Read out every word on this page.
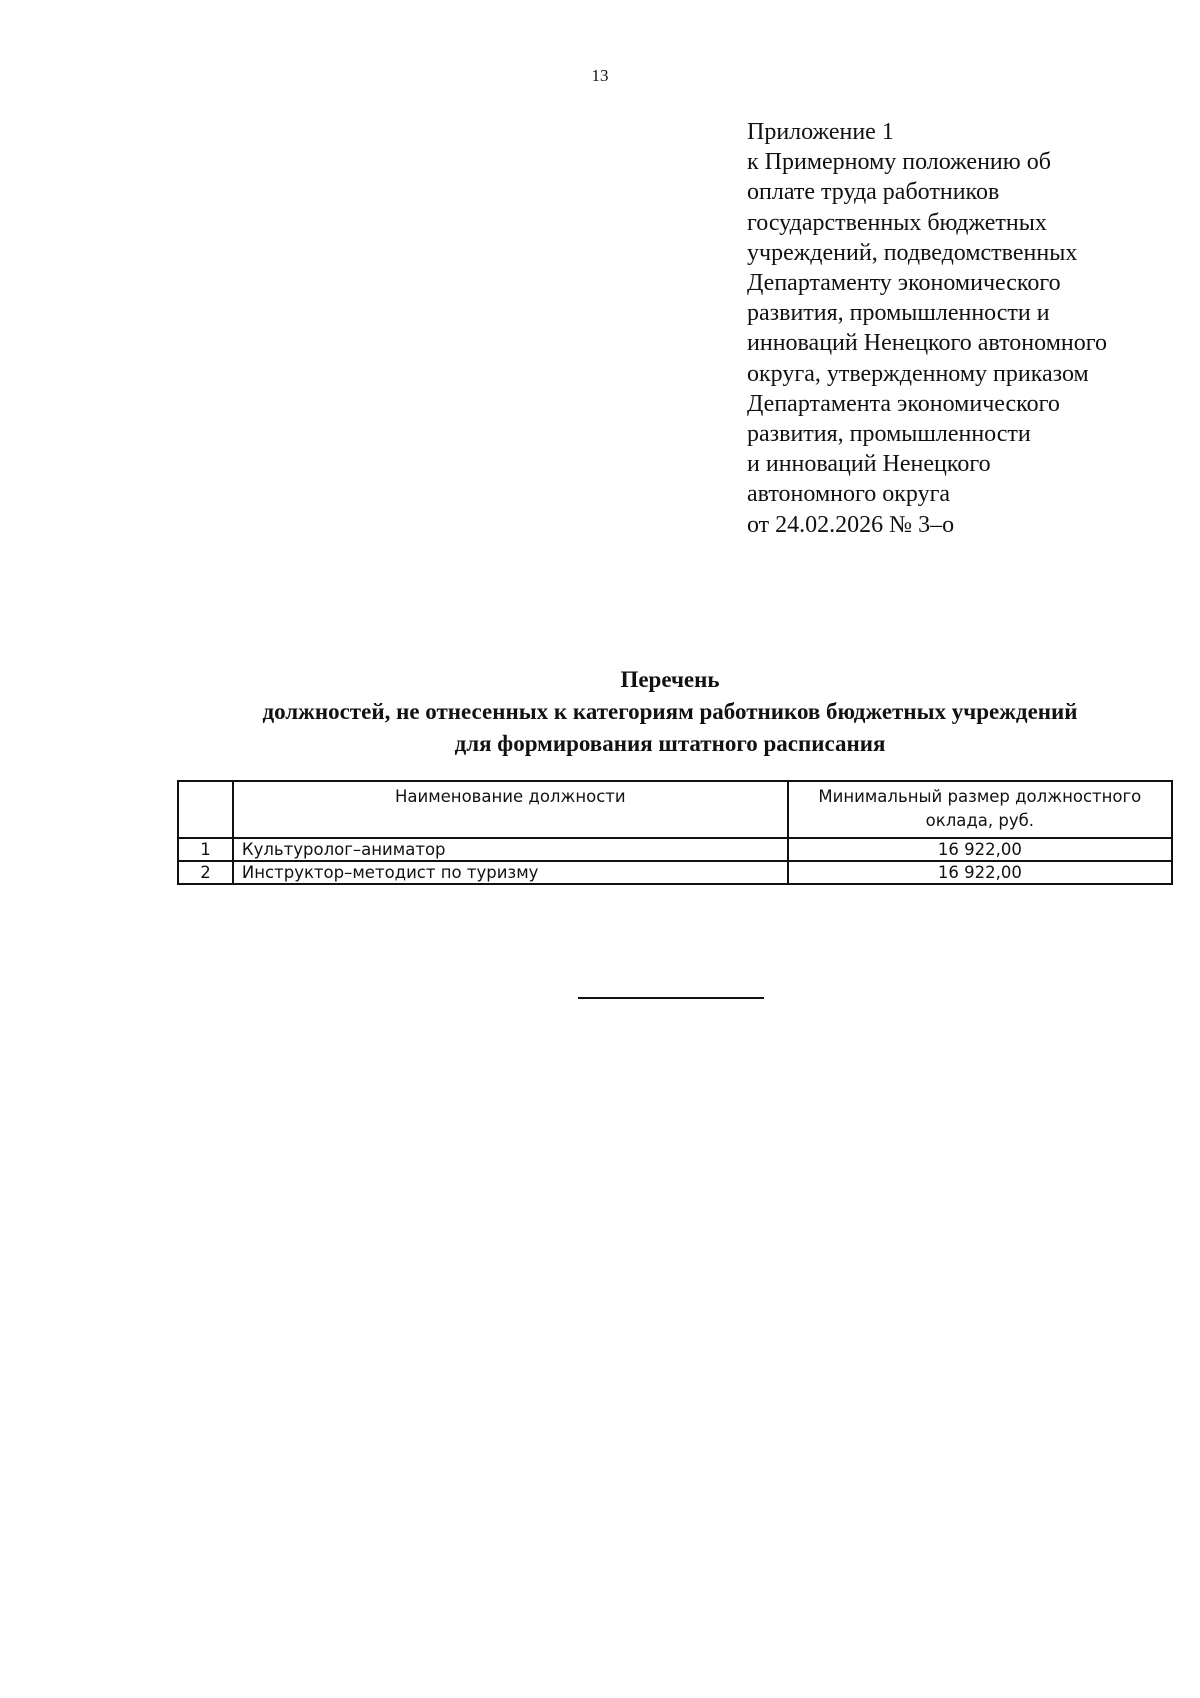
13
Приложение 1
к Примерному положению об
оплате труда работников
государственных бюджетных
учреждений, подведомственных
Департаменту экономического
развития, промышленности и
инноваций Ненецкого автономного
округа, утвержденному приказом
Департамента экономического
развития, промышленности
и инноваций Ненецкого
автономного округа
от 24.02.2026 № 3–о
Перечень
должностей, не отнесенных к категориям работников бюджетных учреждений
для формирования штатного расписания
	Наименование должности	Минимальный размер должностного оклада, руб.
1	Культуролог–аниматор	16 922,00
2	Инструктор–методист по туризму	16 922,00
